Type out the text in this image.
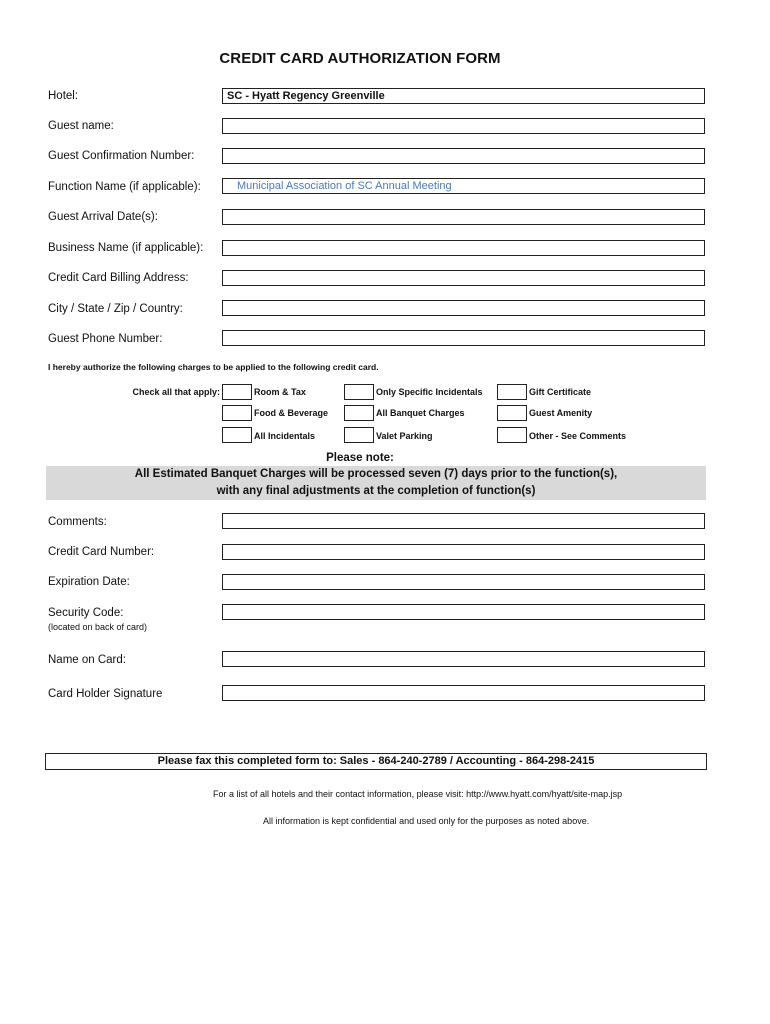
CREDIT CARD AUTHORIZATION FORM
Hotel:	SC - Hyatt Regency Greenville
Guest name:
Guest Confirmation Number:
Function Name (if applicable):	Municipal Association of SC Annual Meeting
Guest Arrival Date(s):
Business Name (if applicable):
Credit Card Billing Address:
City / State / Zip / Country:
Guest Phone Number:
I hereby authorize the following charges to be applied to the following credit card.
Check all that apply:	Room & Tax	Only Specific Incidentals	Gift Certificate
Food & Beverage	All Banquet Charges	Guest Amenity
All Incidentals	Valet Parking	Other - See Comments
Please note:
All Estimated Banquet Charges will be processed seven (7) days prior to the function(s),
with any final adjustments at the completion of function(s)
Comments:
Credit Card Number:
Expiration Date:
Security Code:
(located on back of card)
Name on Card:
Card Holder Signature
Please fax this completed form to: Sales - 864-240-2789 / Accounting - 864-298-2415
For a list of all hotels and their contact information, please visit: http://www.hyatt.com/hyatt/site-map.jsp
All information is kept confidential and used only for the purposes as noted above.
